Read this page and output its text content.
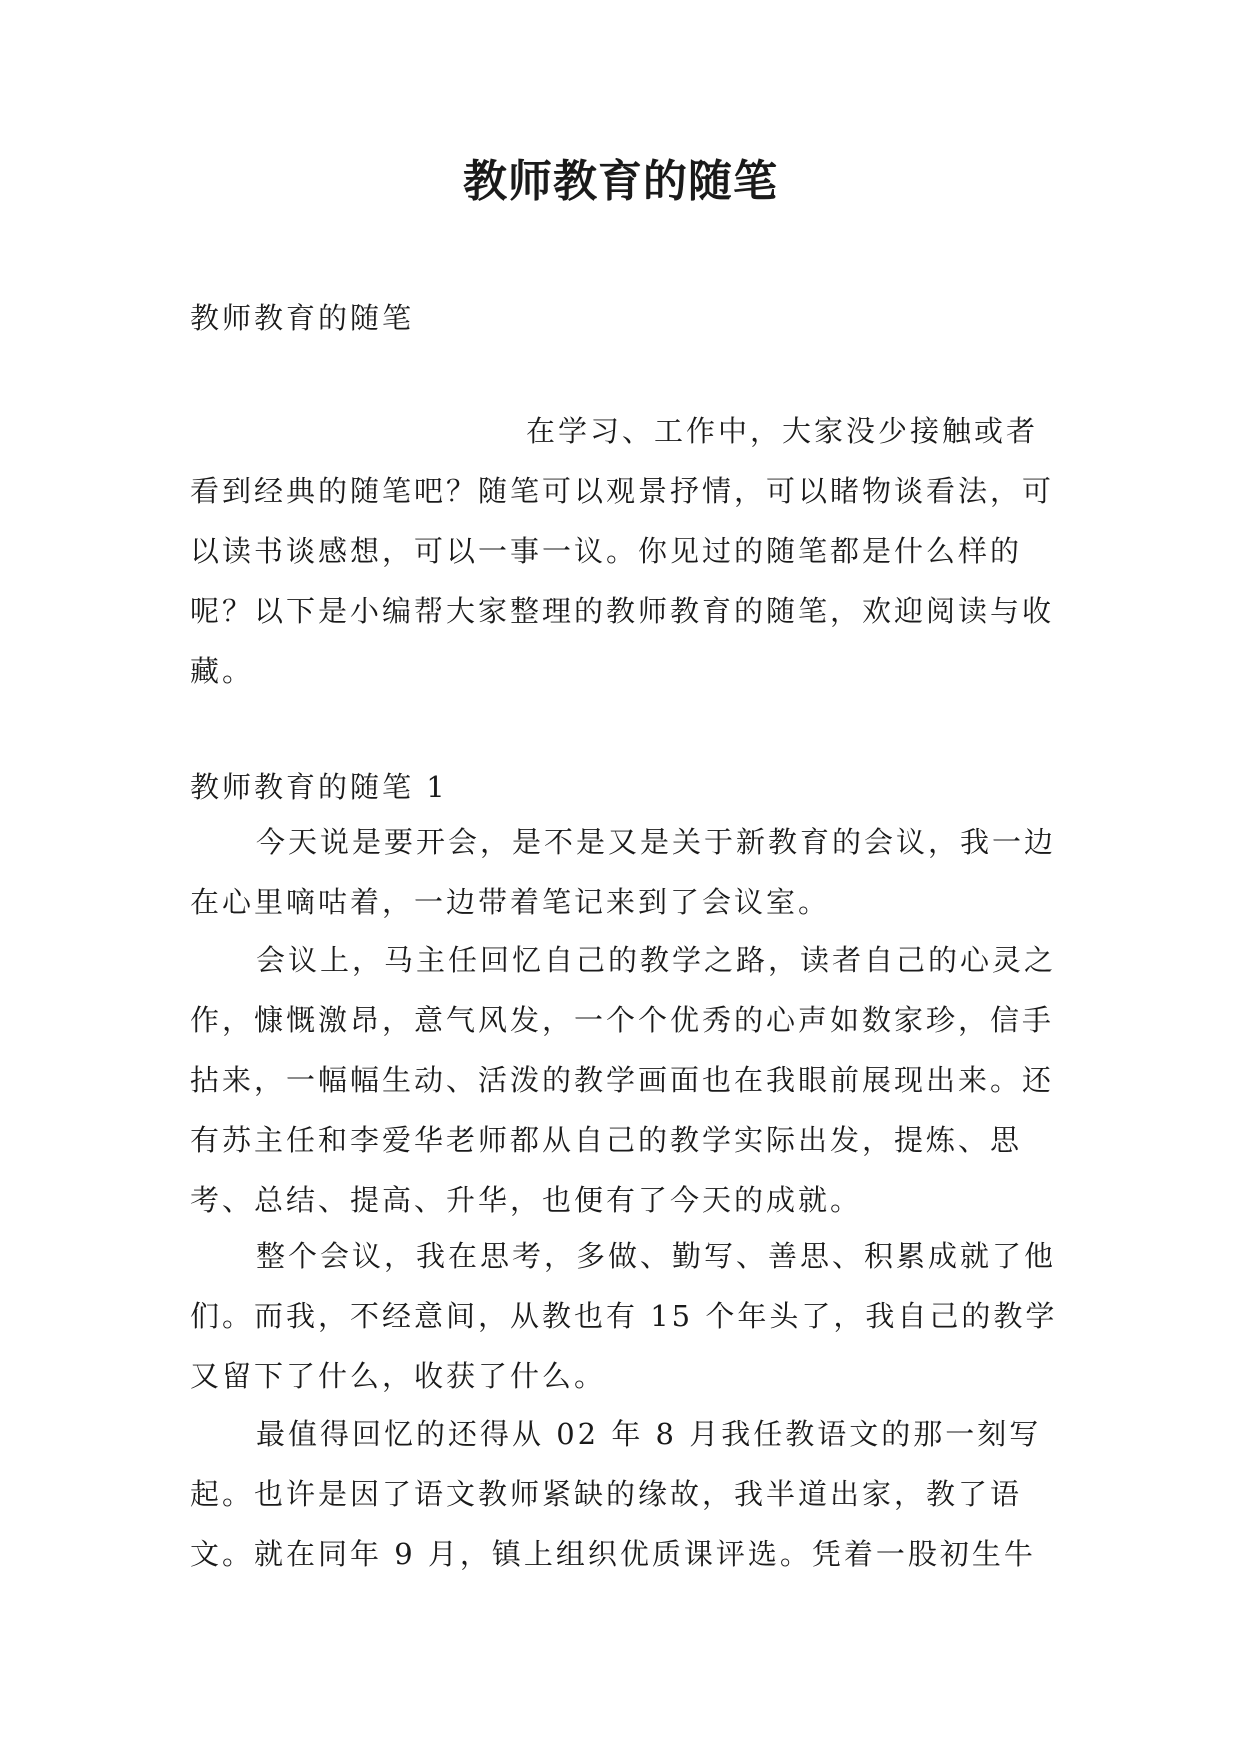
教师教育的随笔

教师教育的随笔

在学习、工作中，大家没少接触或者看到经典的随笔吧？随笔可以观景抒情，可以睹物谈看法，可以读书谈感想，可以一事一议。你见过的随笔都是什么样的呢？以下是小编帮大家整理的教师教育的随笔，欢迎阅读与收藏。

教师教育的随笔 1

今天说是要开会，是不是又是关于新教育的会议，我一边在心里嘀咕着，一边带着笔记来到了会议室。

会议上，马主任回忆自己的教学之路，读者自己的心灵之作，慷慨激昂，意气风发，一个个优秀的心声如数家珍，信手拈来，一幅幅生动、活泼的教学画面也在我眼前展现出来。还有苏主任和李爱华老师都从自己的教学实际出发，提炼、思考、总结、提高、升华，也便有了今天的成就。

整个会议，我在思考，多做、勤写、善思、积累成就了他们。而我，不经意间，从教也有 15 个年头了，我自己的教学又留下了什么，收获了什么。

最值得回忆的还得从 02 年 8 月我任教语文的那一刻写起。也许是因了语文教师紧缺的缘故，我半道出家，教了语文。就在同年 9 月，镇上组织优质课评选。凭着一股初生牛
